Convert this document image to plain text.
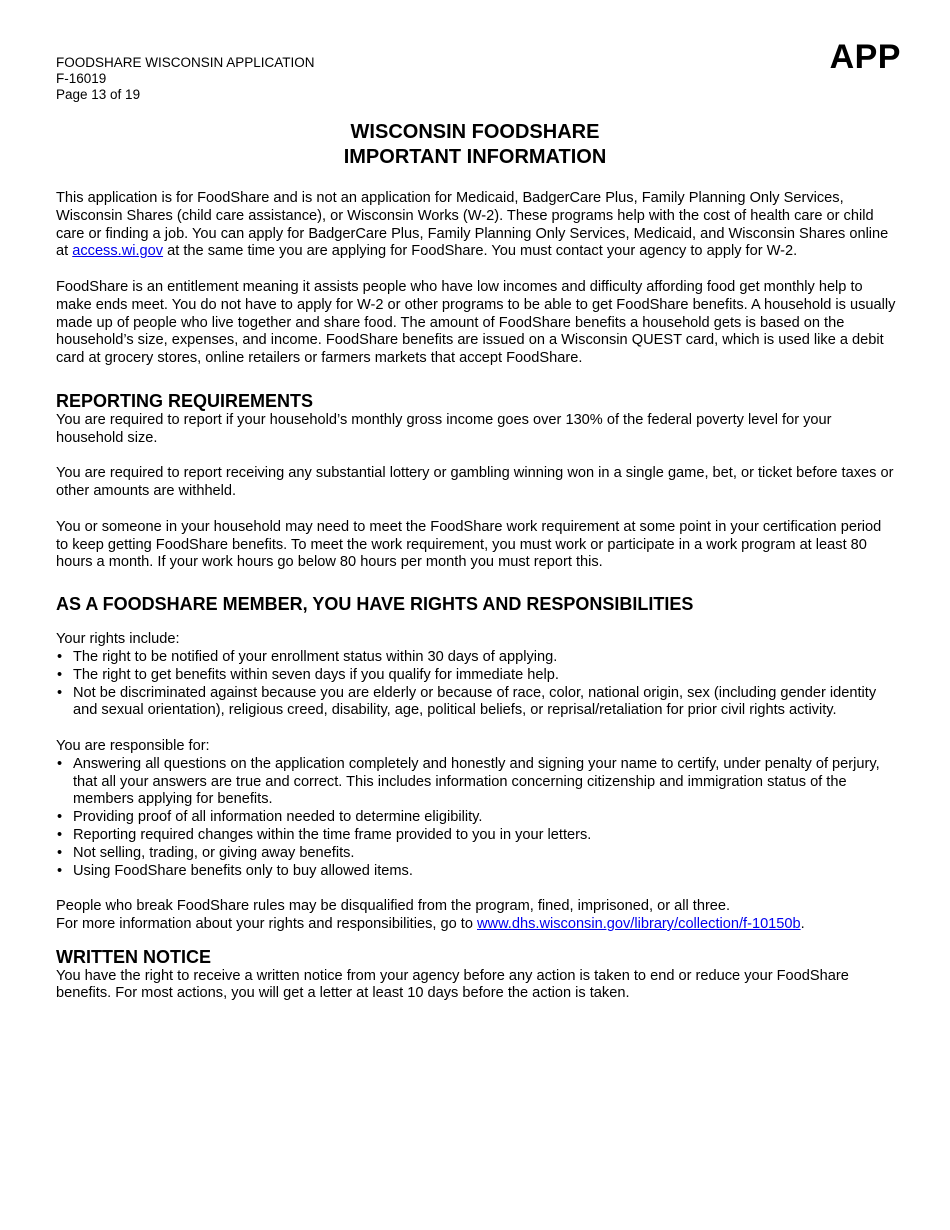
FOODSHARE WISCONSIN APPLICATION
F-16019
Page 13 of 19
APP
WISCONSIN FOODSHARE
IMPORTANT INFORMATION

This application is for FoodShare and is not an application for Medicaid, BadgerCare Plus, Family Planning Only Services, Wisconsin Shares (child care assistance), or Wisconsin Works (W-2). These programs help with the cost of health care or child care or finding a job. You can apply for BadgerCare Plus, Family Planning Only Services, Medicaid, and Wisconsin Shares online at access.wi.gov at the same time you are applying for FoodShare. You must contact your agency to apply for W-2.

FoodShare is an entitlement meaning it assists people who have low incomes and difficulty affording food get monthly help to make ends meet. You do not have to apply for W-2 or other programs to be able to get FoodShare benefits. A household is usually made up of people who live together and share food. The amount of FoodShare benefits a household gets is based on the household’s size, expenses, and income. FoodShare benefits are issued on a Wisconsin QUEST card, which is used like a debit card at grocery stores, online retailers or farmers markets that accept FoodShare.

REPORTING REQUIREMENTS

You are required to report if your household’s monthly gross income goes over 130% of the federal poverty level for your household size.

You are required to report receiving any substantial lottery or gambling winning won in a single game, bet, or ticket before taxes or other amounts are withheld.

You or someone in your household may need to meet the FoodShare work requirement at some point in your certification period to keep getting FoodShare benefits. To meet the work requirement, you must work or participate in a work program at least 80 hours a month. If your work hours go below 80 hours per month you must report this.

AS A FOODSHARE MEMBER, YOU HAVE RIGHTS AND RESPONSIBILITIES

Your rights include:

• The right to be notified of your enrollment status within 30 days of applying.
• The right to get benefits within seven days if you qualify for immediate help.
• Not be discriminated against because you are elderly or because of race, color, national origin, sex (including gender identity and sexual orientation), religious creed, disability, age, political beliefs, or reprisal/retaliation for prior civil rights activity.

You are responsible for:

• Answering all questions on the application completely and honestly and signing your name to certify, under penalty of perjury, that all your answers are true and correct. This includes information concerning citizenship and immigration status of the members applying for benefits.
• Providing proof of all information needed to determine eligibility.
• Reporting required changes within the time frame provided to you in your letters.
• Not selling, trading, or giving away benefits.
• Using FoodShare benefits only to buy allowed items.

People who break FoodShare rules may be disqualified from the program, fined, imprisoned, or all three.

For more information about your rights and responsibilities, go to www.dhs.wisconsin.gov/library/collection/f-10150b.

WRITTEN NOTICE

You have the right to receive a written notice from your agency before any action is taken to end or reduce your FoodShare benefits. For most actions, you will get a letter at least 10 days before the action is taken.
